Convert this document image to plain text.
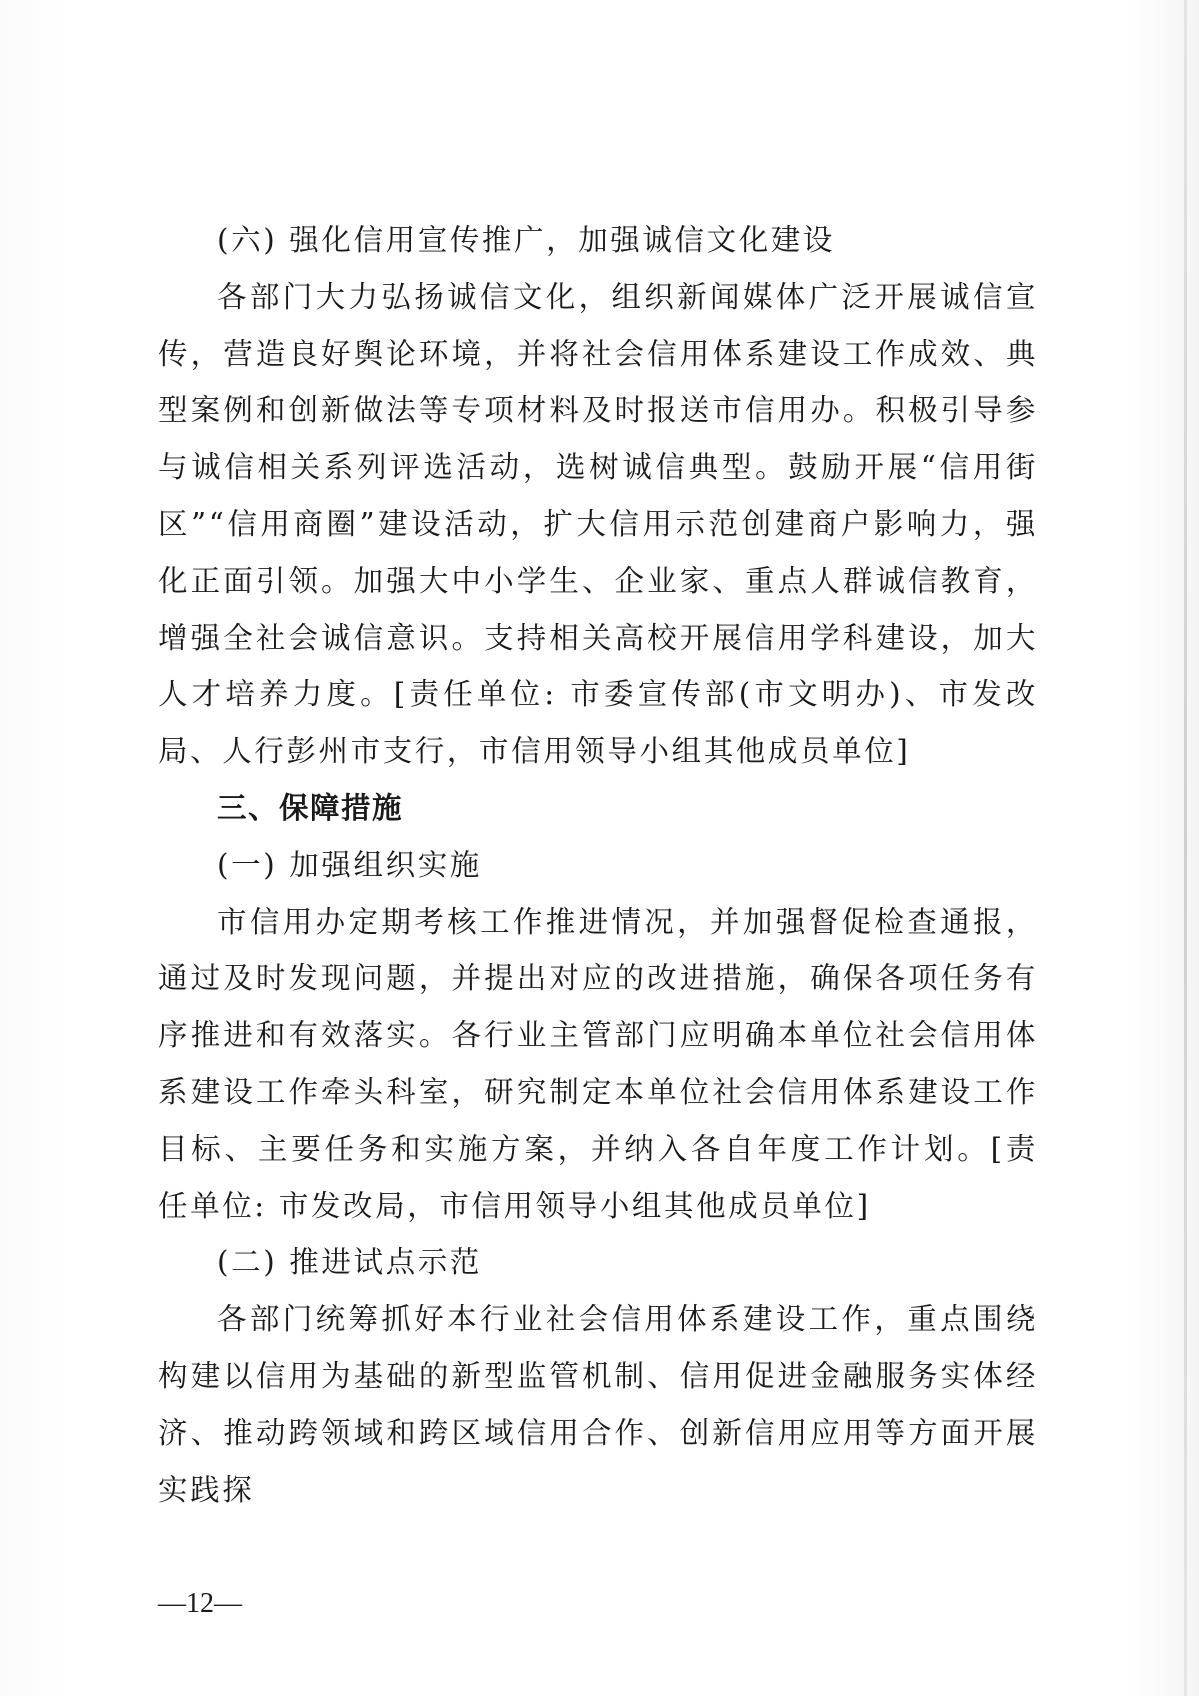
(六) 强化信用宣传推广，加强诚信文化建设

各部门大力弘扬诚信文化，组织新闻媒体广泛开展诚信宣传，营造良好舆论环境，并将社会信用体系建设工作成效、典型案例和创新做法等专项材料及时报送市信用办。积极引导参与诚信相关系列评选活动，选树诚信典型。鼓励开展“信用街区”“信用商圈”建设活动，扩大信用示范创建商户影响力，强化正面引领。加强大中小学生、企业家、重点人群诚信教育，增强全社会诚信意识。支持相关高校开展信用学科建设，加大人才培养力度。[责任单位: 市委宣传部(市文明办)、市发改局、人行彭州市支行，市信用领导小组其他成员单位]

三、保障措施

(一) 加强组织实施

市信用办定期考核工作推进情况，并加强督促检查通报，通过及时发现问题，并提出对应的改进措施，确保各项任务有序推进和有效落实。各行业主管部门应明确本单位社会信用体系建设工作牵头科室，研究制定本单位社会信用体系建设工作目标、主要任务和实施方案，并纳入各自年度工作计划。[责任单位: 市发改局，市信用领导小组其他成员单位]

(二) 推进试点示范

各部门统筹抓好本行业社会信用体系建设工作，重点围绕构建以信用为基础的新型监管机制、信用促进金融服务实体经济、推动跨领域和跨区域信用合作、创新信用应用等方面开展实践探

—12—
